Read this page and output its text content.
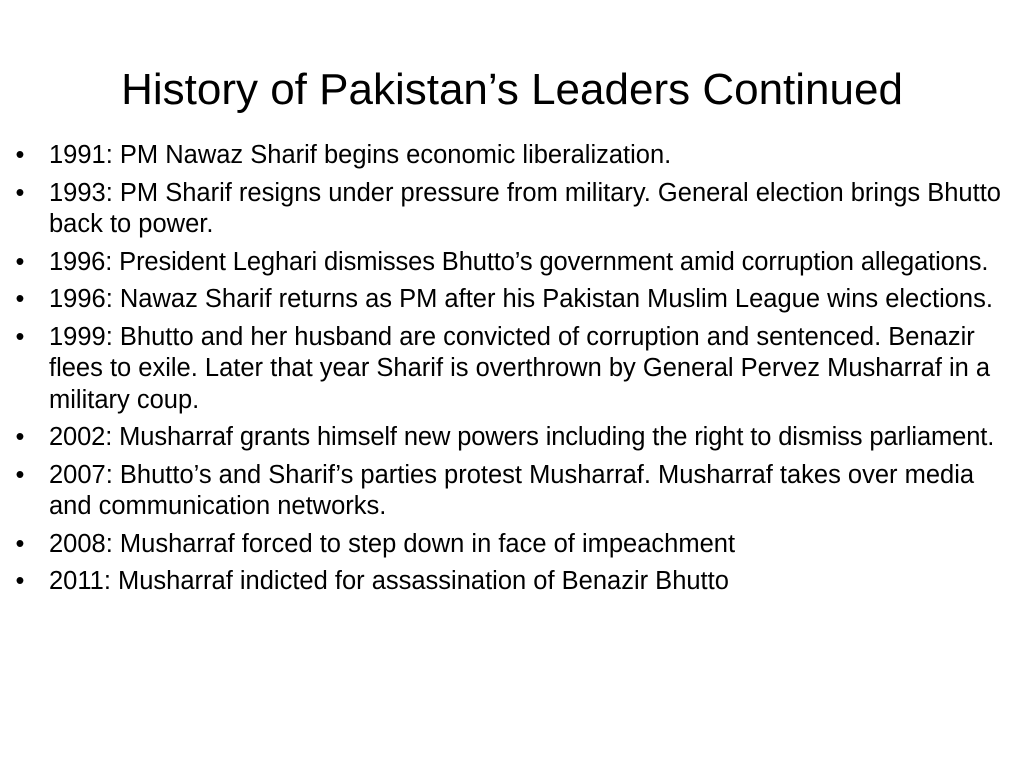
History of Pakistan’s Leaders Continued
• 1991: PM Nawaz Sharif begins economic liberalization.
• 1993: PM Sharif resigns under pressure from military. General election brings Bhutto back to power.
• 1996: President Leghari dismisses Bhutto’s government amid corruption allegations.
• 1996: Nawaz Sharif returns as PM after his Pakistan Muslim League wins elections.
• 1999: Bhutto and her husband are convicted of corruption and sentenced. Benazir flees to exile. Later that year Sharif is overthrown by General Pervez Musharraf in a military coup.
• 2002: Musharraf grants himself new powers including the right to dismiss parliament.
• 2007: Bhutto’s and Sharif’s parties protest Musharraf. Musharraf takes over media and communication networks.
• 2008: Musharraf forced to step down in face of impeachment
• 2011: Musharraf indicted for assassination of Benazir Bhutto
